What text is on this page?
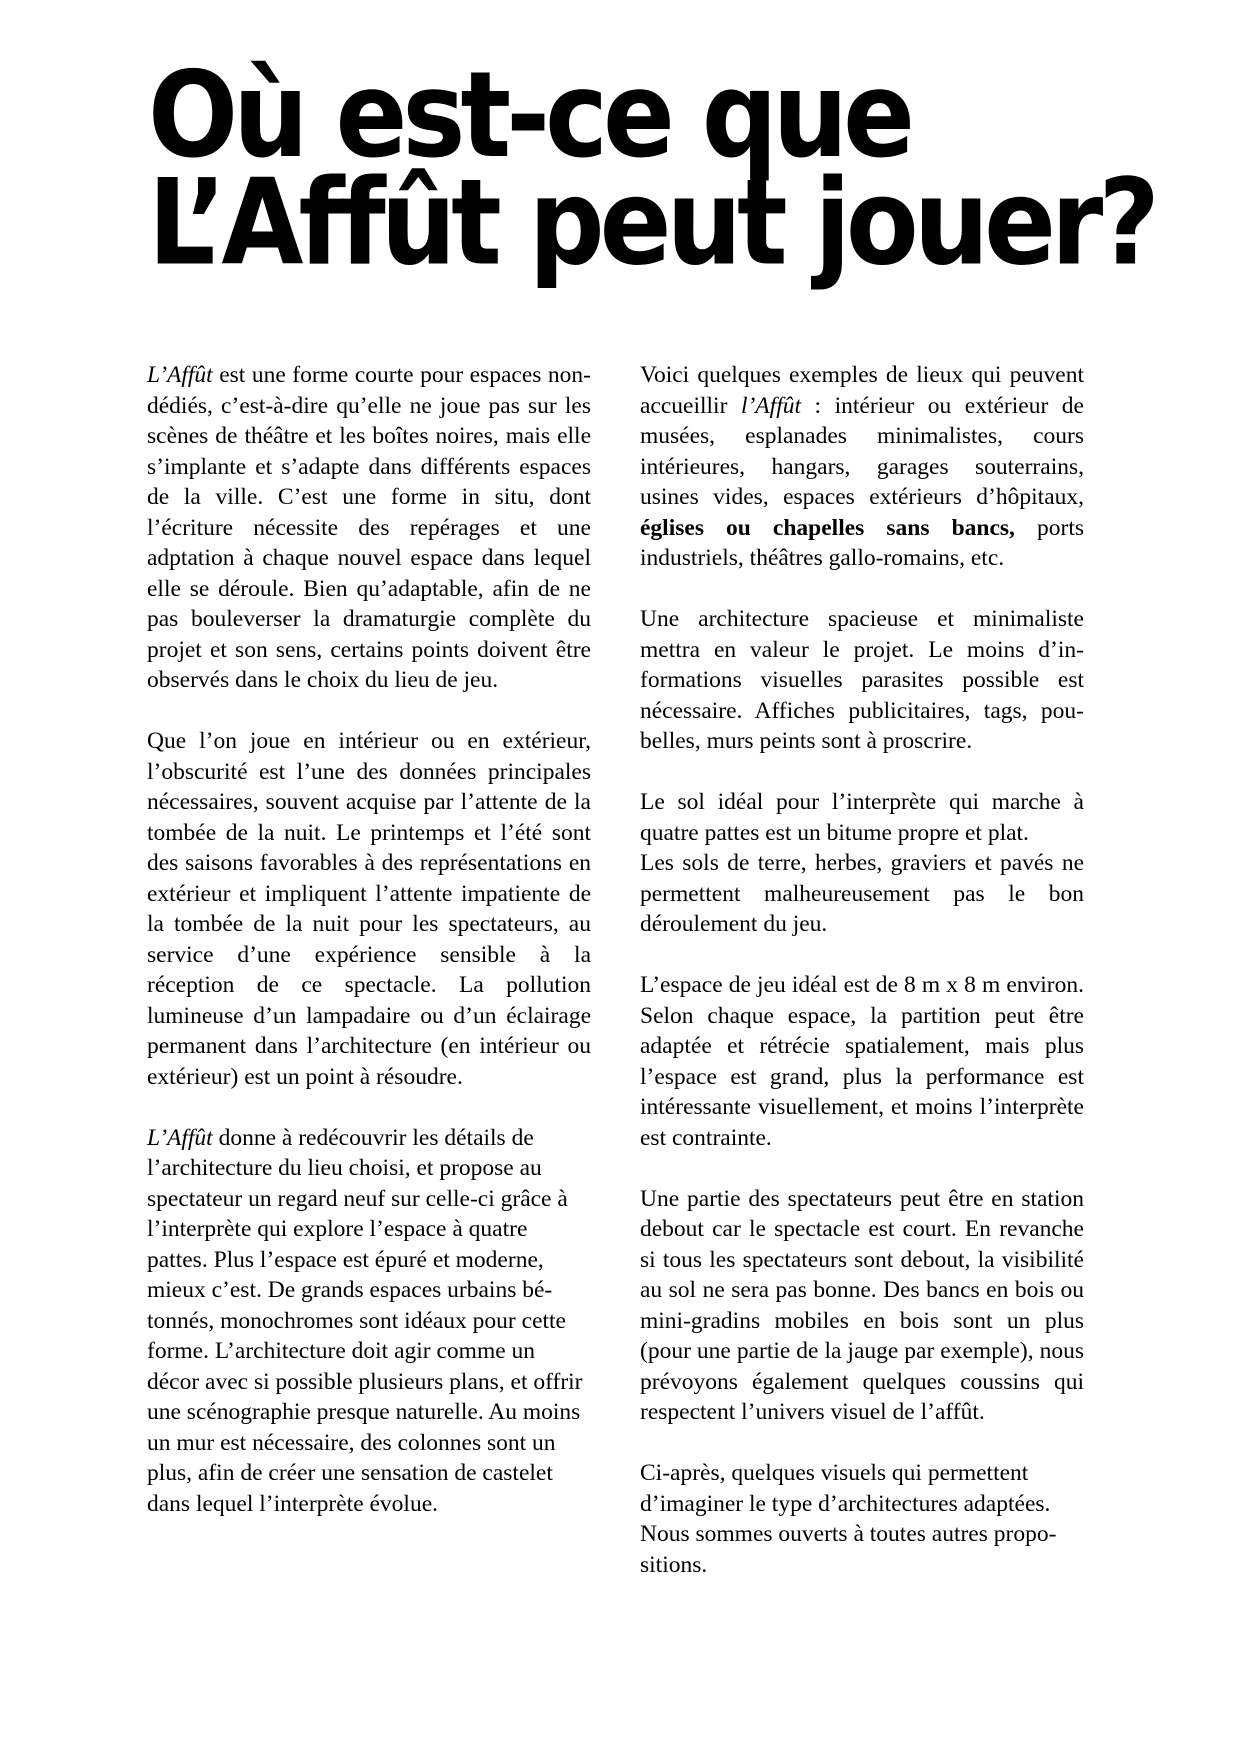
Où est-ce que
L’Affût peut jouer?

L’Affût est une forme courte pour espaces non-dédiés, c’est-à-dire qu’elle ne joue pas sur les scènes de théâtre et les boîtes noires, mais elle s’implante et s’adapte dans différents espaces de la ville. C’est une forme in situ, dont l’écriture nécessite des repérages et une adptation à chaque nouvel espace dans lequel elle se déroule. Bien qu’adaptable, afin de ne pas bouleverser la dramaturgie complète du projet et son sens, certains points doivent être observés dans le choix du lieu de jeu.

Que l’on joue en intérieur ou en extérieur, l’obscurité est l’une des données principales nécessaires, souvent acquise par l’attente de la tombée de la nuit. Le printemps et l’été sont des saisons favorables à des représentations en extérieur et impliquent l’attente impatiente de la tombée de la nuit pour les spectateurs, au service d’une expérience sensible à la réception de ce spectacle. La pollution lumineuse d’un lampadaire ou d’un éclairage permanent dans l’architecture (en intérieur ou extérieur) est un point à résoudre.

L’Affût donne à redécouvrir les détails de l’architecture du lieu choisi, et propose au spectateur un regard neuf sur celle-ci grâce à l’interprète qui explore l’espace à quatre pattes. Plus l’espace est épuré et moderne, mieux c’est. De grands espaces urbains bétonnés, monochromes sont idéaux pour cette forme. L’architecture doit agir comme un décor avec si possible plusieurs plans, et offrir une scénographie presque naturelle. Au moins un mur est nécessaire, des colonnes sont un plus, afin de créer une sensation de castelet dans lequel l’interprète évolue.

Voici quelques exemples de lieux qui peuvent accueillir l’Affût : intérieur ou extérieur de musées, esplanades minimalistes, cours intérieures, hangars, garages souterrains, usines vides, espaces extérieurs d’hôpitaux, églises ou chapelles sans bancs, ports industriels, théâtres gallo-romains, etc.

Une architecture spacieuse et minimaliste mettra en valeur le projet. Le moins d’informations visuelles parasites possible est nécessaire. Affiches publicitaires, tags, poubelles, murs peints sont à proscrire.

Le sol idéal pour l’interprète qui marche à quatre pattes est un bitume propre et plat.
Les sols de terre, herbes, graviers et pavés ne permettent malheureusement pas le bon déroulement du jeu.

L’espace de jeu idéal est de 8 m x 8 m environ. Selon chaque espace, la partition peut être adaptée et rétrécie spatialement, mais plus l’espace est grand, plus la performance est intéressante visuellement, et moins l’interprète est contrainte.

Une partie des spectateurs peut être en station debout car le spectacle est court. En revanche si tous les spectateurs sont debout, la visibilité au sol ne sera pas bonne. Des bancs en bois ou mini-gradins mobiles en bois sont un plus (pour une partie de la jauge par exemple), nous prévoyons également quelques coussins qui respectent l’univers visuel de l’affût.

Ci-après, quelques visuels qui permettent d’imaginer le type d’architectures adaptées. Nous sommes ouverts à toutes autres propositions.
